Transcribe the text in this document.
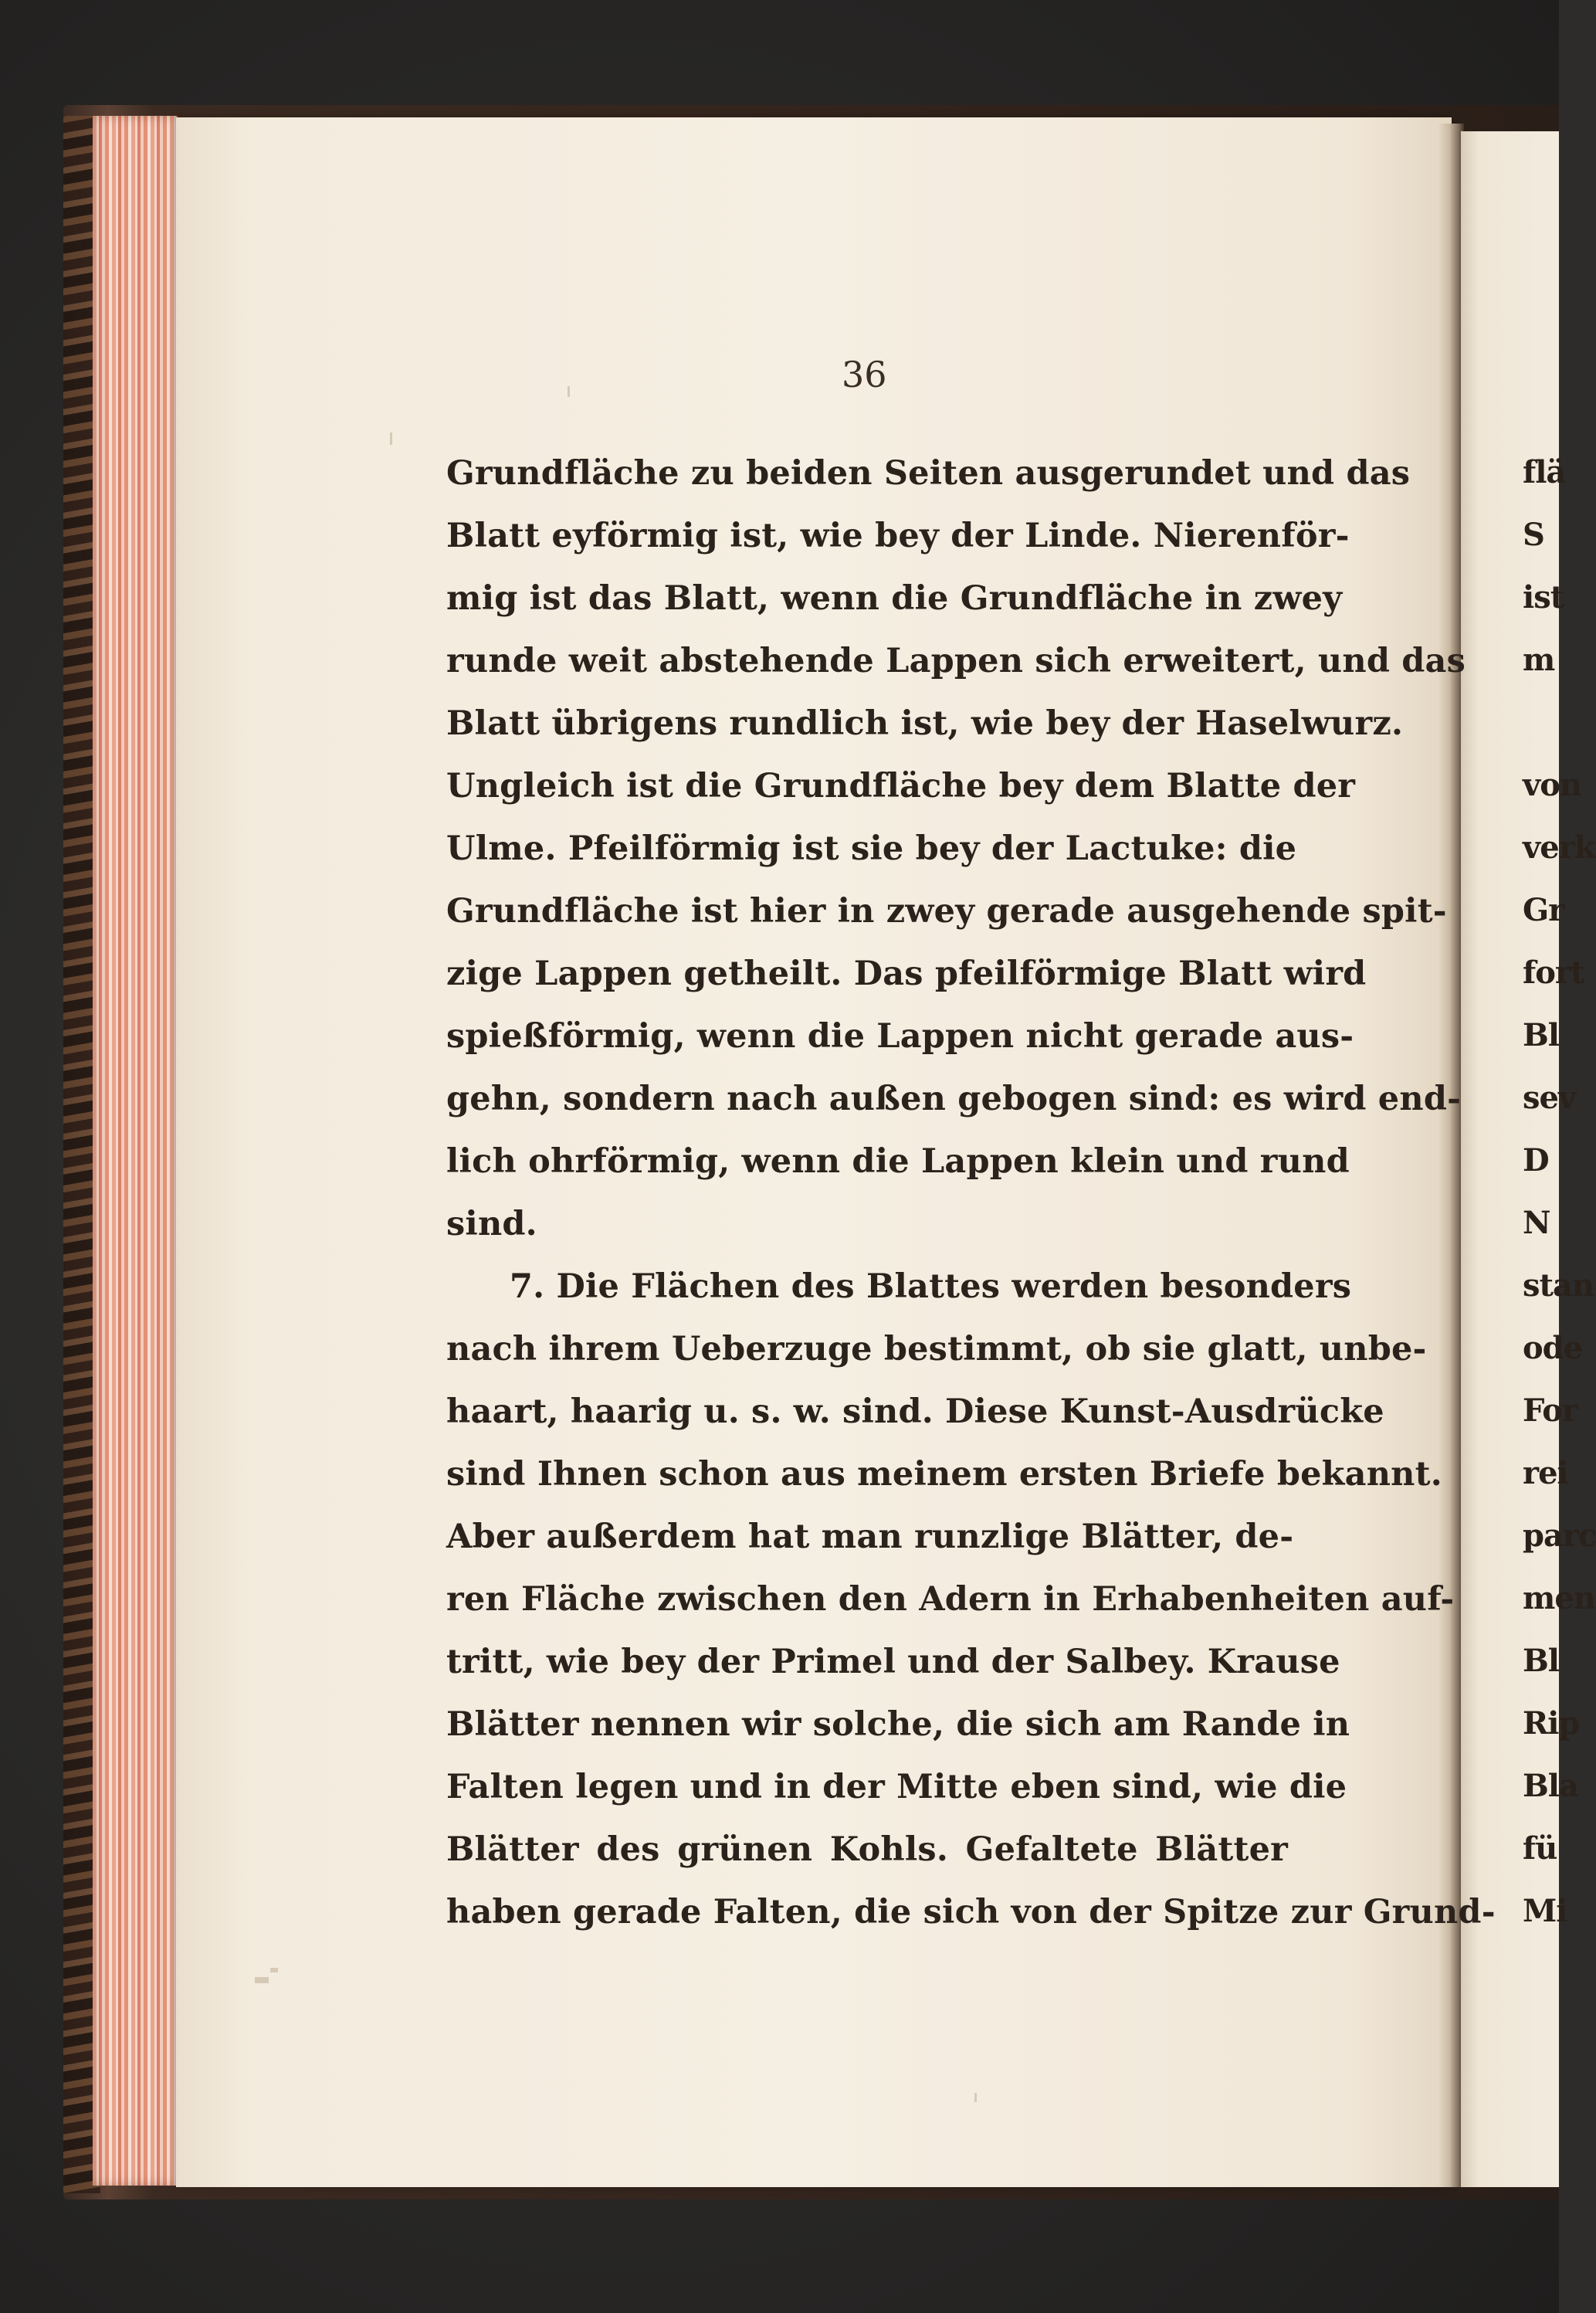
36
Grundfläche zu beiden Seiten ausgerundet und das
Blatt eyförmig ist, wie bey der Linde. Nierenför-
mig ist das Blatt, wenn die Grundfläche in zwey
runde weit abstehende Lappen sich erweitert, und das
Blatt übrigens rundlich ist, wie bey der Haselwurz.
Ungleich ist die Grundfläche bey dem Blatte der
Ulme. Pfeilförmig ist sie bey der Lactuke: die
Grundfläche ist hier in zwey gerade ausgehende spit-
zige Lappen getheilt. Das pfeilförmige Blatt wird
spießförmig, wenn die Lappen nicht gerade aus-
gehn, sondern nach außen gebogen sind: es wird end-
lich ohrförmig, wenn die Lappen klein und rund
sind.
7. Die Flächen des Blattes werden besonders
nach ihrem Ueberzuge bestimmt, ob sie glatt, unbe-
haart, haarig u. s. w. sind. Diese Kunst-Ausdrücke
sind Ihnen schon aus meinem ersten Briefe bekannt.
Aber außerdem hat man runzlige Blätter, de-
ren Fläche zwischen den Adern in Erhabenheiten auf-
tritt, wie bey der Primel und der Salbey. Krause
Blätter nennen wir solche, die sich am Rande in
Falten legen und in der Mitte eben sind, wie die
Blätter des grünen Kohls. Gefaltete Blätter
haben gerade Falten, die sich von der Spitze zur Grund-
flä
S
ist
m
von
verk
Gr
fort
Bl
sev
D
N
stan
ode
For
rei
parc
men
Bl
Rip
Bla
fü
Mi
